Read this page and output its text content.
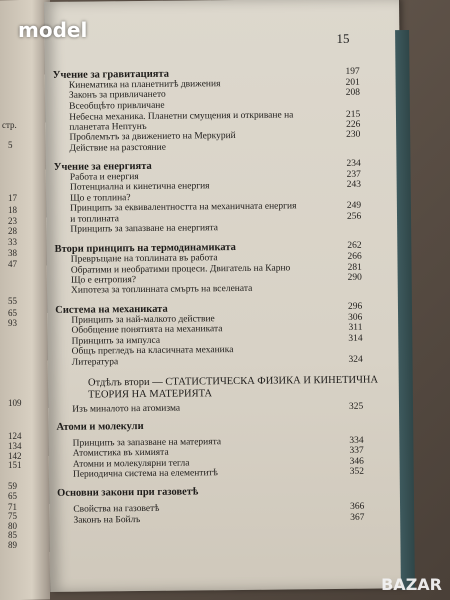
стр.
5
17
18
23
28
33
38
47
55
65
93
109
124
134
142
151
59
65
71
75
80
85
89
15
Учение за гравитацията	197
Кинематика на планетнитѣ движения	201
Законъ за привличането	208
Всеобщѣто привличане
Небесна механика. Планетни смущения и откриване на	215
планетата Нептунъ	226
Проблемътъ за движението на Меркурий	230
Действие на разстояние
Учение за енергията	234
Работа и енергия	237
Потенциална и кинетична енергия	243
Що е топлина?
Принципъ за еквивалентността на механичната енергия	249
и топлината	256
Принципъ за запазване на енергията
Втори принципъ на термодинамиката	262
Превръщане на топлината въ работа	266
Обратими и необратими процеси. Двигатель на Карно	281
Що е ентропия?	290
Хипотеза за топлинната смърть на вселената
Система на механиката	296
Принципъ за най-малкото действие	306
Обобщение понятията на механиката	311
Принципъ за импулса	314
Общъ прегледъ на класичната механика
Литература	324
Отдѣлъ втори — СТАТИСТИЧЕСКА ФИЗИКА И КИНЕТИЧНА
ТЕОРИЯ НА МАТЕРИЯТА
Изъ миналото на атомизма	325
Атоми и молекули
Принципъ за запазване на материята	334
Атомистика въ химията	337
Атомни и молекулярни тегла	346
Периодична система на елементитѣ	352
Основни закони при газоветѣ
Свойства на газоветѣ	366
Законъ на Бойлъ	367
model
BAZAR
